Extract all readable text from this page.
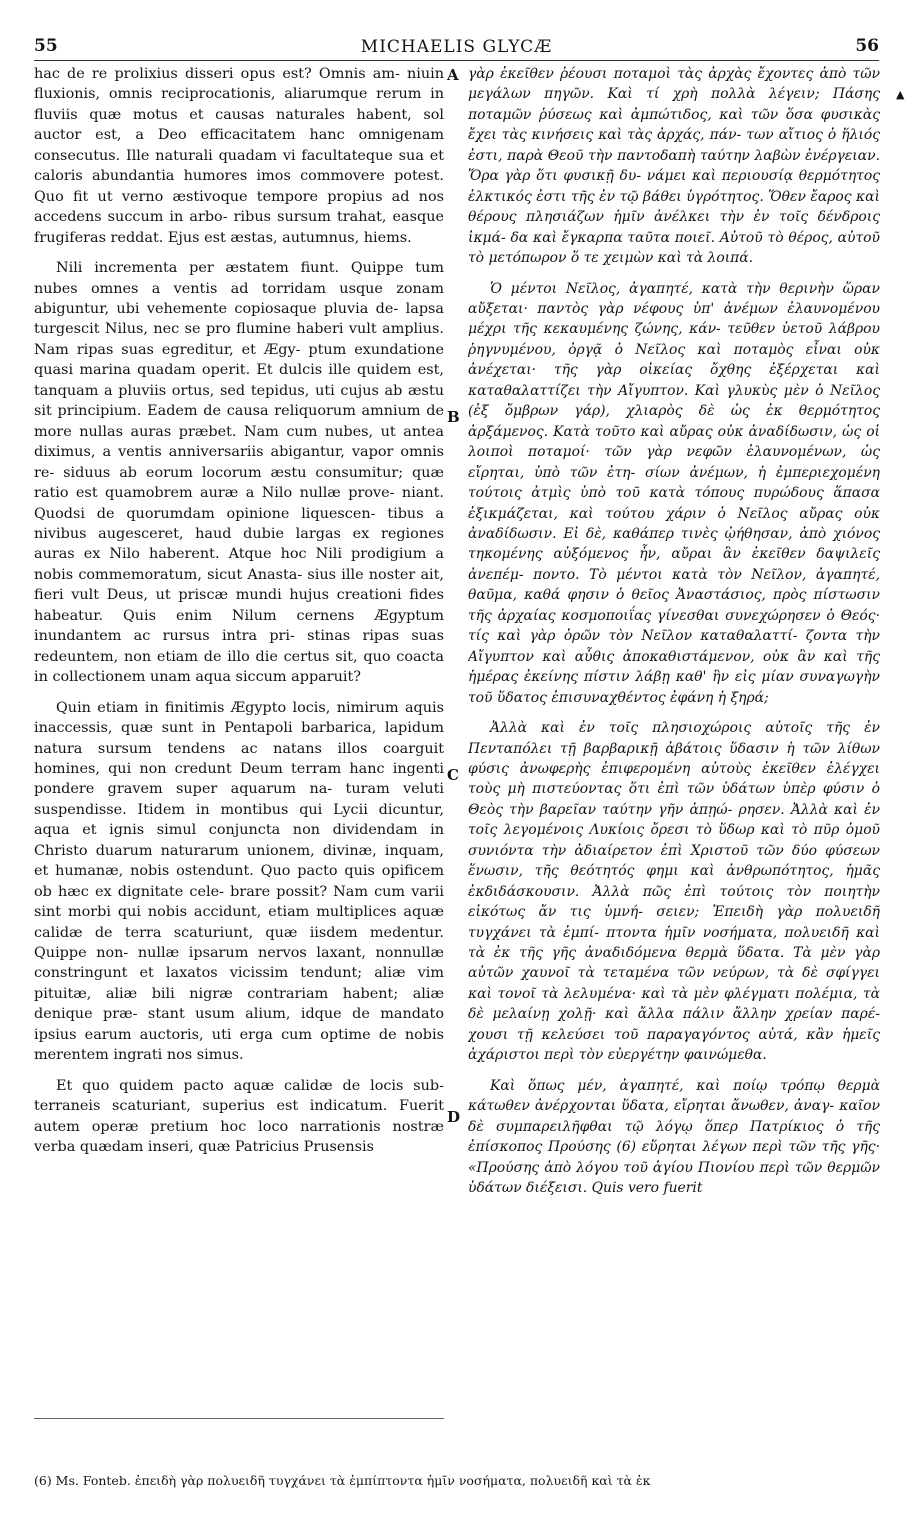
55	MICHAELIS GLYCÆ	56
▲

hac de re prolixius disseri opus est? Omnis am- niuin fluxionis, omnis reciprocationis, aliarumque rerum in fluviis quæ motus et causas naturales habent, sol auctor est, a Deo efficacitatem hanc omnigenam consecutus. Ille naturali quadam vi facultateque sua et caloris abundantia humores imos commovere potest. Quo fit ut verno æstivoque tempore propius ad nos accedens succum in arbo- ribus sursum trahat, easque frugiferas reddat. Ejus est æstas, autumnus, hiems.

Nili incrementa per æstatem fiunt. Quippe tum nubes omnes a ventis ad torridam usque zonam abiguntur, ubi vehemente copiosaque pluvia de- lapsa turgescit Nilus, nec se pro flumine haberi vult amplius. Nam ripas suas egreditur, et Ægy- ptum exundatione quasi marina quadam operit. Et dulcis ille quidem est, tanquam a pluviis ortus, sed tepidus, uti cujus ab æstu sit principium. Eadem de causa reliquorum amnium de more nullas auras præbet. Nam cum nubes, ut antea diximus, a ventis anniversariis abigantur, vapor omnis re- siduus ab eorum locorum æstu consumitur; quæ ratio est quamobrem auræ a Nilo nullæ prove- niant. Quodsi de quorumdam opinione liquescen- tibus a nivibus augesceret, haud dubie largas ex regiones auras ex Nilo haberent. Atque hoc Nili prodigium a nobis commemoratum, sicut Anasta- sius ille noster ait, fieri vult Deus, ut priscæ mundi hujus creationi fides habeatur. Quis enim Nilum cernens Ægyptum inundantem ac rursus intra pri- stinas ripas suas redeuntem, non etiam de illo die certus sit, quo coacta in collectionem unam aqua siccum apparuit?

Quin etiam in finitimis Ægypto locis, nimirum aquis inaccessis, quæ sunt in Pentapoli barbarica, lapidum natura sursum tendens ac natans illos coarguit homines, qui non credunt Deum terram hanc ingenti pondere gravem super aquarum na- turam veluti suspendisse. Itidem in montibus qui Lycii dicuntur, aqua et ignis simul conjuncta non dividendam in Christo duarum naturarum unionem, divinæ, inquam, et humanæ, nobis ostendunt. Quo pacto quis opificem ob hæc ex dignitate cele- brare possit? Nam cum varii sint morbi qui nobis accidunt, etiam multiplices aquæ calidæ de terra scaturiunt, quæ iisdem medentur. Quippe non- nullæ ipsarum nervos laxant, nonnullæ constringunt et laxatos vicissim tendunt; aliæ vim pituitæ, aliæ bili nigræ contrariam habent; aliæ denique præ- stant usum alium, idque de mandato ipsius earum auctoris, uti erga cum optime de nobis merentem ingrati nos simus.

Et quo quidem pacto aquæ calidæ de locis sub- terraneis scaturiant, superius est indicatum. Fuerit autem operæ pretium hoc loco narrationis nostræ verba quædam inseri, quæ Patricius Prusensis

γὰρ ἐκεῖθεν ῥέουσι ποταμοὶ τὰς ἀρχὰς ἔχοντες ἀπὸ τῶν μεγάλων πηγῶν. Καὶ τί χρὴ πολλὰ λέγειν; Πάσης ποταμῶν ῥύσεως καὶ ἀμπώτιδος, καὶ τῶν ὅσα φυσικὰς ἔχει τὰς κινήσεις καὶ τὰς ἀρχάς, πάν- των αἴτιος ὁ ἥλιός ἐστι, παρὰ Θεοῦ τὴν παντοδαπὴ ταύτην λαβὼν ἐνέργειαν. Ὅρα γὰρ ὅτι φυσικῇ δυ- νάμει καὶ περιουσίᾳ θερμότητος ἑλκτικός ἐστι τῆς ἐν τῷ βάθει ὑγρότητος. Ὅθεν ἔαρος καὶ θέρους πλησιάζων ἡμῖν ἀνέλκει τὴν ἐν τοῖς δένδροις ἰκμά- δα καὶ ἔγκαρπα ταῦτα ποιεῖ. Αὐτοῦ τὸ θέρος, αὐτοῦ τὸ μετόπωρον ὅ τε χειμὼν καὶ τὰ λοιπά.

Ὁ μέντοι Νεῖλος, ἀγαπητέ, κατὰ τὴν θερινὴν ὥραν αὔξεται· παντὸς γὰρ νέφους ὑπ' ἀνέμων ἐλαυνομένου μέχρι τῆς κεκαυμένης ζώνης, κάν- τεῦθεν ὑετοῦ λάβρου ῥηγνυμένου, ὀργᾷ ὁ Νεῖλος καὶ ποταμὸς εἶναι οὐκ ἀνέχεται· τῆς γὰρ οἰκείας ὄχθης ἐξέρχεται καὶ καταθαλαττίζει τὴν Αἴγυπτον. Καὶ γλυκὺς μὲν ὁ Νεῖλος (ἐξ ὄμβρων γάρ), χλιαρὸς δὲ ὡς ἐκ θερμότητος ἀρξάμενος. Κατὰ τοῦτο καὶ αὔρας οὐκ ἀναδίδωσιν, ὡς οἱ λοιποὶ ποταμοί· τῶν γὰρ νεφῶν ἐλαυνομένων, ὡς εἴρηται, ὑπὸ τῶν ἐτη- σίων ἀνέμων, ἡ ἐμπεριεχομένη τούτοις ἀτμὶς ὑπὸ τοῦ κατὰ τόπους πυρώδους ἅπασα ἐξικμάζεται, καὶ τούτου χάριν ὁ Νεῖλος αὔρας οὐκ ἀναδίδωσιν. Εἰ δὲ, καθάπερ τινὲς ᾠήθησαν, ἀπὸ χιόνος τηκομένης αὐξόμενος ἦν, αὔραι ἂν ἐκεῖθεν δαψιλεῖς ἀνεπέμ- ποντο. Τὸ μέντοι κατὰ τὸν Νεῖλον, ἀγαπητέ, θαῦμα, καθά φησιν ὁ θεῖος Ἀναστάσιος, πρὸς πίστωσιν τῆς ἀρχαίας κοσμοποιΐας γίνεσθαι συνεχώρησεν ὁ Θεός· τίς καὶ γὰρ ὁρῶν τὸν Νεῖλον καταθαλαττί- ζοντα τὴν Αἴγυπτον καὶ αὖθις ἀποκαθιστάμενον, οὐκ ἂν καὶ τῆς ἡμέρας ἐκείνης πίστιν λάβῃ καθ' ἣν εἰς μίαν συναγωγὴν τοῦ ὕδατος ἐπισυναχθέντος ἐφάνη ἡ ξηρά;

Ἀλλὰ καὶ ἐν τοῖς πλησιοχώροις αὐτοῖς τῆς ἐν Πενταπόλει τῇ βαρβαρικῇ ἀβάτοις ὕδασιν ἡ τῶν λίθων φύσις ἀνωφερὴς ἐπιφερομένη αὐτοὺς ἐκεῖθεν ἐλέγχει τοὺς μὴ πιστεύοντας ὅτι ἐπὶ τῶν ὑδάτων ὑπὲρ φύσιν ὁ Θεὸς τὴν βαρεῖαν ταύτην γῆν ἀπῃώ- ρησεν. Ἀλλὰ καὶ ἐν τοῖς λεγομένοις Λυκίοις ὄρεσι τὸ ὕδωρ καὶ τὸ πῦρ ὁμοῦ συνιόντα τὴν ἀδιαίρετον ἐπὶ Χριστοῦ τῶν δύο φύσεων ἕνωσιν, τῆς θεότητός φημι καὶ ἀνθρωπότητος, ἡμᾶς ἐκδιδάσκουσιν. Ἀλλὰ πῶς ἐπὶ τούτοις τὸν ποιητὴν εἰκότως ἄν τις ὑμνή- σειεν; Ἐπειδὴ γὰρ πολυειδῆ τυγχάνει τὰ ἐμπί- πτοντα ἡμῖν νοσήματα, πολυειδῆ καὶ τὰ ἐκ τῆς γῆς ἀναδιδόμενα θερμὰ ὕδατα. Τὰ μὲν γὰρ αὐτῶν χαυνοῖ τὰ τεταμένα τῶν νεύρων, τὰ δὲ σφίγγει καὶ τονοῖ τὰ λελυμένα· καὶ τὰ μὲν φλέγματι πολέμια, τὰ δὲ μελαίνῃ χολῇ· καὶ ἄλλα πάλιν ἄλλην χρείαν παρέ- χουσι τῇ κελεύσει τοῦ παραγαγόντος αὐτά, κἂν ἡμεῖς ἀχάριστοι περὶ τὸν εὐεργέτην φαινώμεθα.

Καὶ ὅπως μέν, ἀγαπητέ, καὶ ποίῳ τρόπῳ θερμὰ κάτωθεν ἀνέρχονται ὕδατα, εἴρηται ἄνωθεν, ἀναγ- καῖον δὲ συμπαρειλῆφθαι τῷ λόγῳ ὅπερ Πατρίκιος ὁ τῆς ἐπίσκοπος Προύσης (6) εὕρηται λέγων περὶ τῶν τῆς γῆς· «Προύσης ἀπὸ λόγου τοῦ ἁγίου Πιονίου περὶ τῶν θερμῶν ὑδάτων διέξεισι. Quis vero fuerit

A
B
C
D
(6) Ms. Fonteb. ἐπειδὴ γὰρ πολυειδῆ τυγχάνει τὰ ἐμπίπτοντα ἡμῖν νοσήματα, πολυειδῆ καὶ τὰ ἐκ
